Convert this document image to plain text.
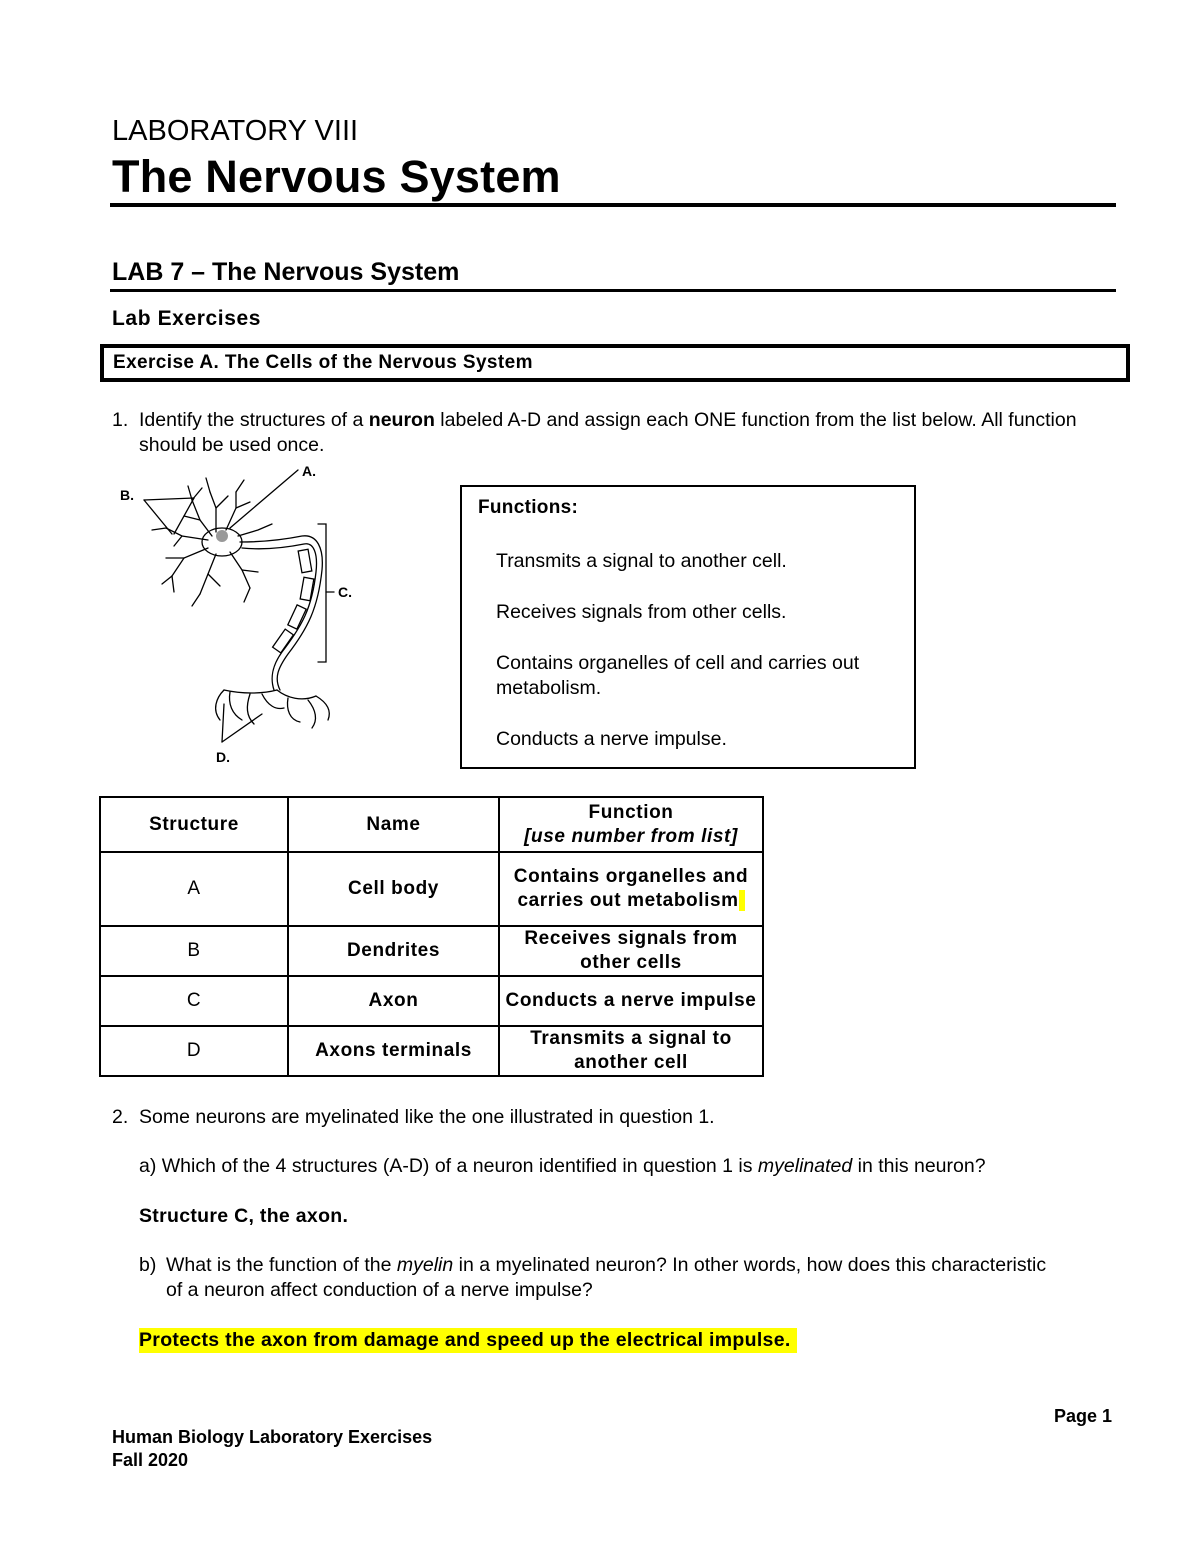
LABORATORY VIII
The Nervous System
LAB 7 – The Nervous System
Lab Exercises
Exercise A. The Cells of the Nervous System
1. Identify the structures of a neuron labeled A-D and assign each ONE function from the list below. All function should be used once.
A.
B.
C.
D.
Functions:
Transmits a signal to another cell.
Receives signals from other cells.
Contains organelles of cell and carries out metabolism.
Conducts a nerve impulse.
Structure	Name	Function
[use number from list]

A	Cell body	Contains organelles and carries out metabolism
B	Dendrites	Receives signals from other cells
C	Axon	Conducts a nerve impulse
D	Axons terminals	Transmits a signal to another cell
2. Some neurons are myelinated like the one illustrated in question 1.
a) Which of the 4 structures (A-D) of a neuron identified in question 1 is myelinated in this neuron?
Structure C, the axon.
b) What is the function of the myelin in a myelinated neuron? In other words, how does this characteristic of a neuron affect conduction of a nerve impulse?
Protects the axon from damage and speed up the electrical impulse.
Page 1
Human Biology Laboratory Exercises
Fall 2020
